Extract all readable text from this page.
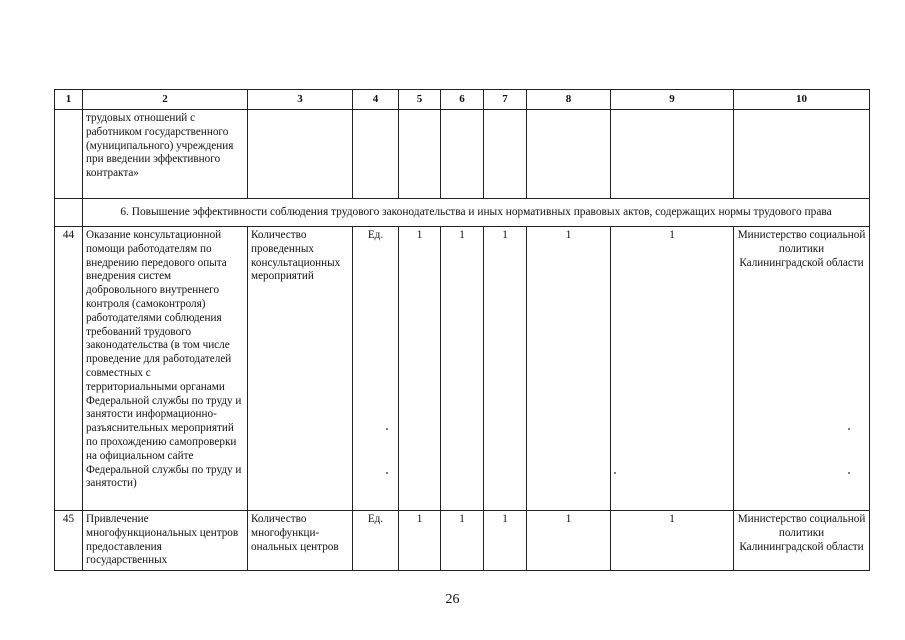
1	2	3	4	5	6	7	8	9	10
	трудовых отношений с работником государственного (муниципального) учреждения при введении эффективного контракта»								
	6. Повышение эффективности соблюдения трудового законодательства и иных нормативных правовых актов, содержащих нормы трудового права								
44	Оказание консультационной помощи работодателям по внедрению передового опыта внедрения систем добровольного внутреннего контроля (самоконтроля) работодателями соблюдения требований трудового законодательства (в том числе проведение для работодателей совместных с территориальными органами Федеральной службы по труду и занятости информационно-разъяснительных мероприятий по прохождению самопроверки на официальном сайте Федеральной службы по труду и занятости)	Количество проведенных консультационных мероприятий	Ед.	1	1	1	1	1	Министерство социальной политики Калининградской области
45	Привлечение многофункциональных центров предоставления государственных	Количество многофункци-ональных центров	Ед.	1	1	1	1	1	Министерство социальной политики Калининградской области
26
